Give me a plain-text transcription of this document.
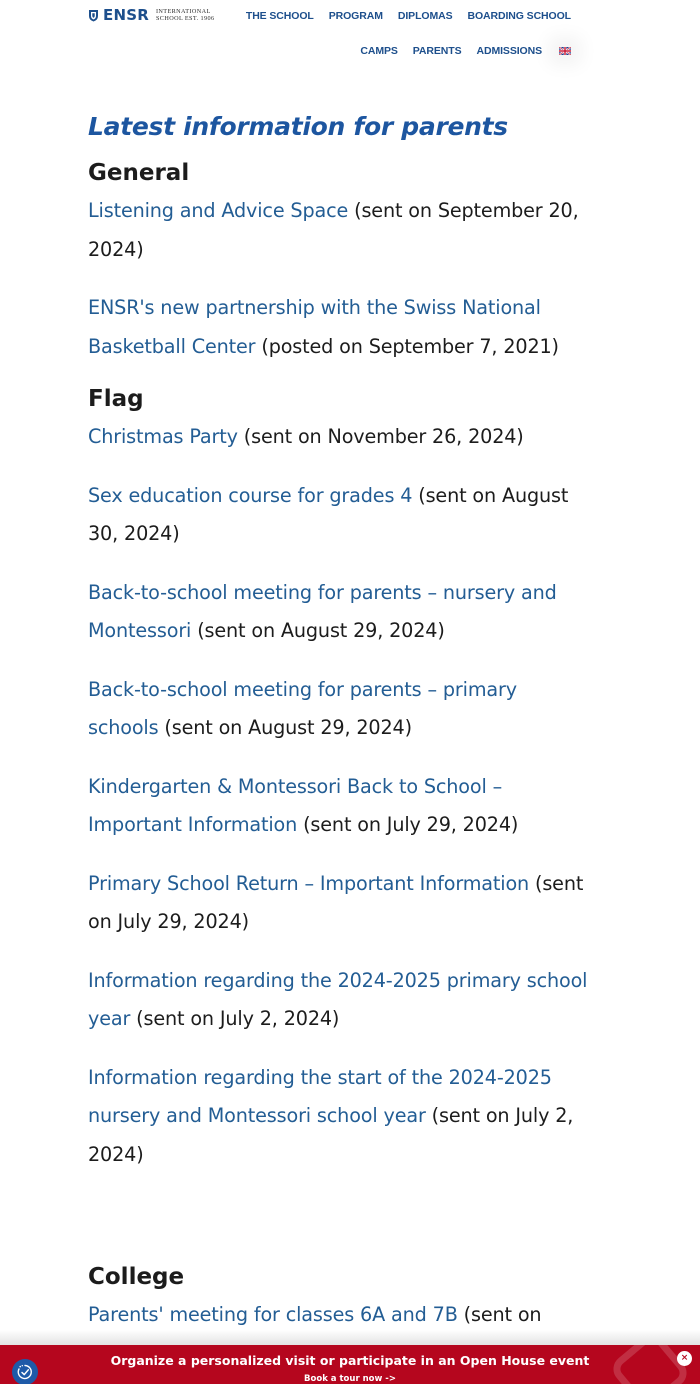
ENSR INTERNATIONAL
SCHOOL EST. 1906	THE SCHOOL PROGRAM DIPLOMAS BOARDING SCHOOL
CAMPS PARENTS ADMISSIONS
Latest information for parents
General

Listening and Advice Space (sent on September 20, 2024)

ENSR's new partnership with the Swiss National Basketball Center (posted on September 7, 2021)

Flag

Christmas Party (sent on November 26, 2024)

Sex education course for grades 4 (sent on August 30, 2024)

Back-to-school meeting for parents – nursery and Montessori (sent on August 29, 2024)

Back-to-school meeting for parents – primary schools (sent on August 29, 2024)

Kindergarten & Montessori Back to School – Important Information (sent on July 29, 2024)

Primary School Return – Important Information (sent on July 29, 2024)

Information regarding the 2024-2025 primary school year (sent on July 2, 2024)

Information regarding the start of the 2024-2025 nursery and Montessori school year (sent on July 2, 2024)

College

Parents' meeting for classes 6A and 7B (sent on

Organize a personalized visit or participate in an Open House event
Book a tour now ->
×
